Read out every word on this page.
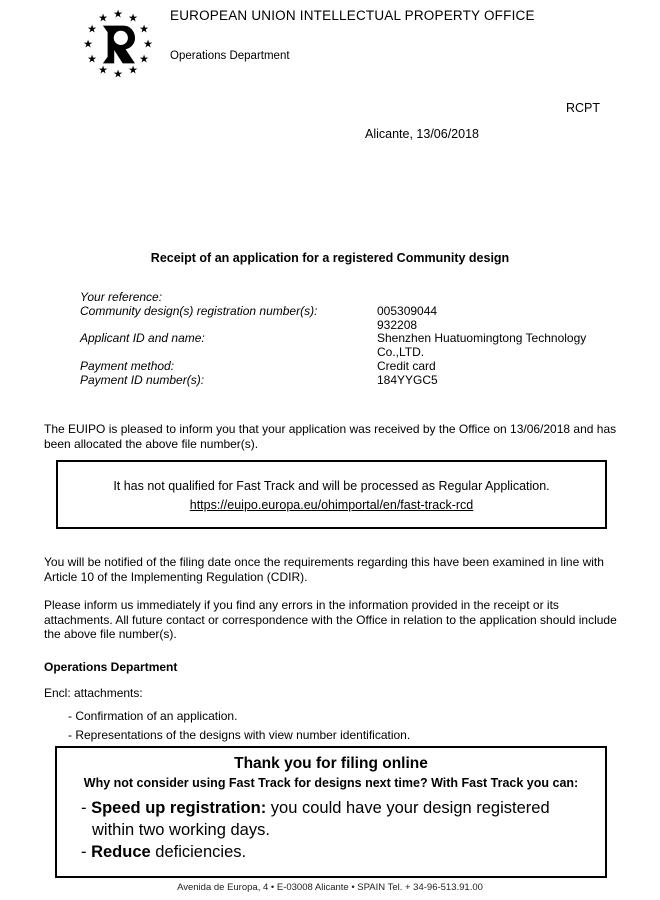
★ ★
★
★
★
★
★
★
★
★
★
★	EUROPEAN UNION INTELLECTUAL PROPERTY OFFICE
Operations Department
RCPT
Alicante, 13/06/2018
Receipt of an application for a registered Community design
Your reference:
Community design(s) registration number(s):	005309044
932208
Applicant ID and name:	Shenzhen Huatuomingtong Technology
Co.,LTD.
Payment method:	Credit card
Payment ID number(s):	184YYGC5
The EUIPO is pleased to inform you that your application was received by the Office on 13/06/2018 and has been allocated the above file number(s).
It has not qualified for Fast Track and will be processed as Regular Application.
https://euipo.europa.eu/ohimportal/en/fast-track-rcd
You will be notified of the filing date once the requirements regarding this have been examined in line with Article 10 of the Implementing Regulation (CDIR).
Please inform us immediately if you find any errors in the information provided in the receipt or its attachments. All future contact or correspondence with the Office in relation to the application should include the above file number(s).
Operations Department
Encl: attachments:
- Confirmation of an application.
- Representations of the designs with view number identification.
Thank you for filing online
Why not consider using Fast Track for designs next time? With Fast Track you can:
- Speed up registration: you could have your design registered within two working days.
- Reduce deficiencies.
Avenida de Europa, 4 • E-03008 Alicante • SPAIN Tel. + 34-96-513.91.00
